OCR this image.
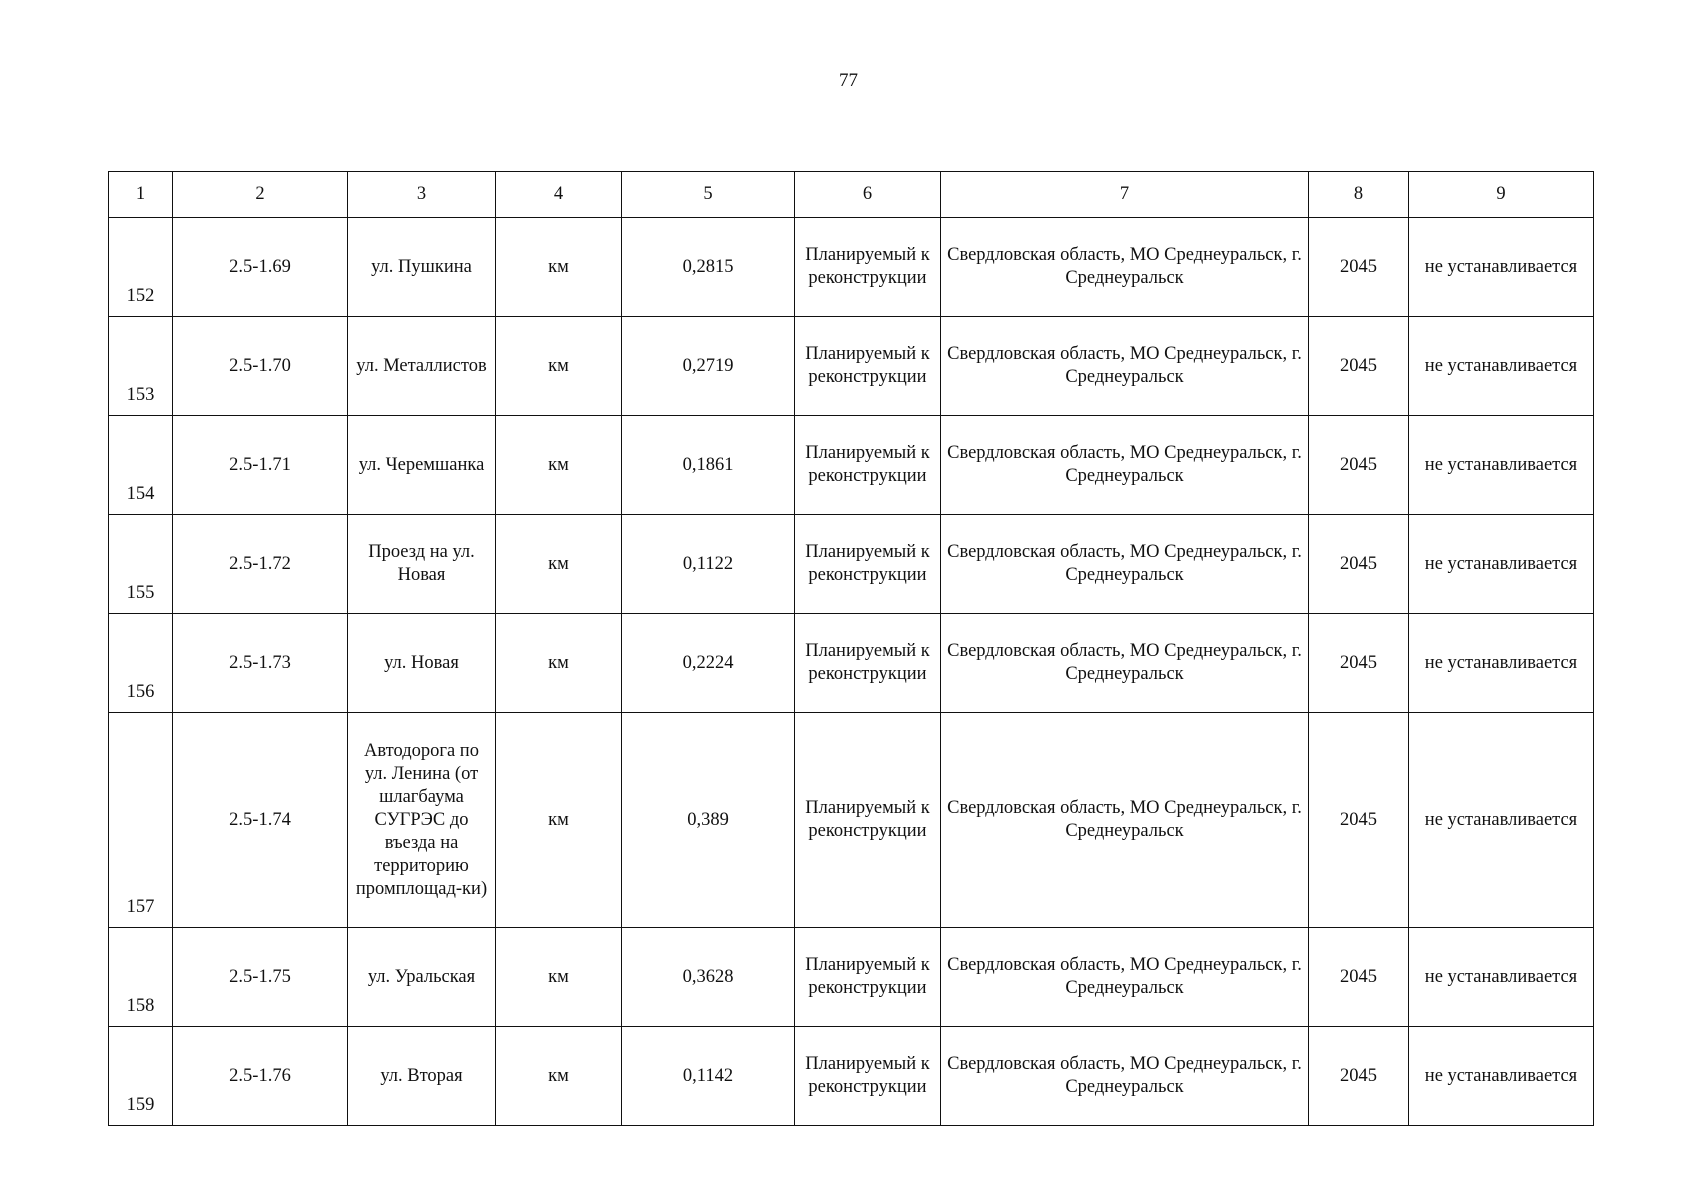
77
1	2	3	4	5	6	7	8	9
152	2.5-1.69	ул. Пушкина	км	0,2815	Планируемый к реконструкции	Свердловская область, МО Среднеуральск, г. Среднеуральск	2045	не устанавливается
153	2.5-1.70	ул. Металлистов	км	0,2719	Планируемый к реконструкции	Свердловская область, МО Среднеуральск, г. Среднеуральск	2045	не устанавливается
154	2.5-1.71	ул. Черемшанка	км	0,1861	Планируемый к реконструкции	Свердловская область, МО Среднеуральск, г. Среднеуральск	2045	не устанавливается
155	2.5-1.72	Проезд на ул. Новая	км	0,1122	Планируемый к реконструкции	Свердловская область, МО Среднеуральск, г. Среднеуральск	2045	не устанавливается
156	2.5-1.73	ул. Новая	км	0,2224	Планируемый к реконструкции	Свердловская область, МО Среднеуральск, г. Среднеуральск	2045	не устанавливается
157	2.5-1.74	Автодорога по ул. Ленина (от шлагбаума СУГРЭС до въезда на территорию промплощад-ки)	км	0,389	Планируемый к реконструкции	Свердловская область, МО Среднеуральск, г. Среднеуральск	2045	не устанавливается
158	2.5-1.75	ул. Уральская	км	0,3628	Планируемый к реконструкции	Свердловская область, МО Среднеуральск, г. Среднеуральск	2045	не устанавливается
159	2.5-1.76	ул. Вторая	км	0,1142	Планируемый к реконструкции	Свердловская область, МО Среднеуральск, г. Среднеуральск	2045	не устанавливается
